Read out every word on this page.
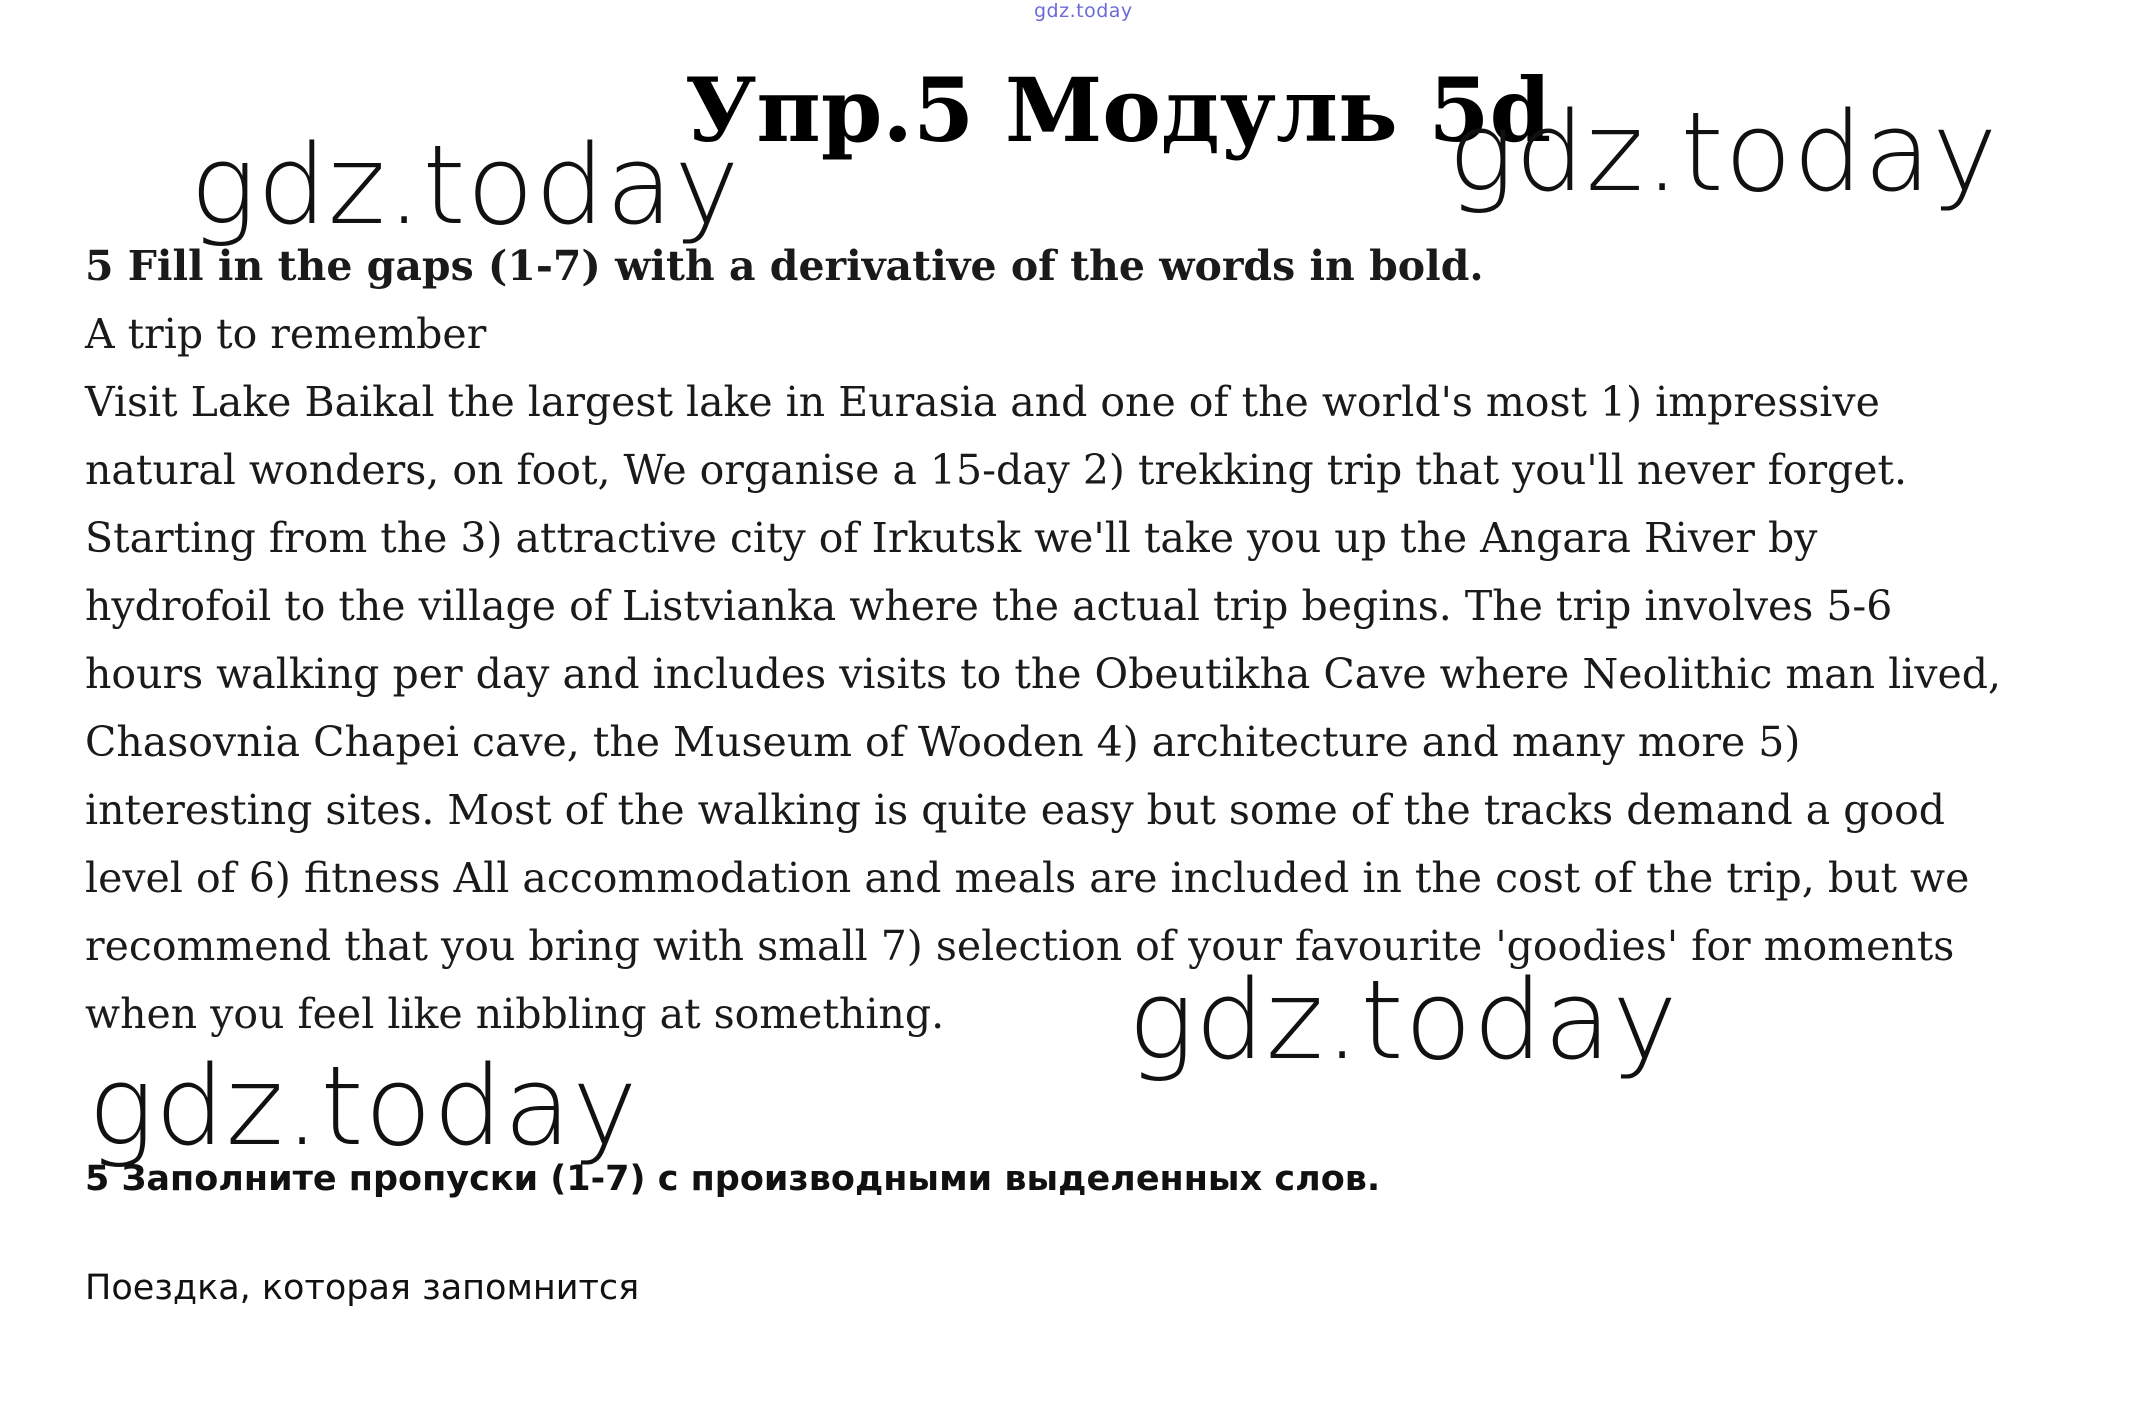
gdz.today
Упр.5 Модуль 5d
gdz.today	gdz.today
5 Fill in the gaps (1-7) with a derivative of the words in bold.
A trip to remember
Visit Lake Baikal the largest lake in Eurasia and one of the world's most 1) impressive
natural wonders, on foot, We organise a 15-day 2) trekking trip that you'll never forget.
Starting from the 3) attractive city of Irkutsk we'll take you up the Angara River by
hydrofoil to the village of Listvianka where the actual trip begins. The trip involves 5-6
hours walking per day and includes visits to the Obeutikha Cave where Neolithic man lived,
Chasovnia Chapei cave, the Museum of Wooden 4) architecture and many more 5)
interesting sites. Most of the walking is quite easy but some of the tracks demand a good
level of 6) fitness All accommodation and meals are included in the cost of the trip, but we
recommend that you bring with small 7) selection of your favourite 'goodies' for moments
when you feel like nibbling at something.	gdz.today
gdz.today
5 Заполните пропуски (1-7) с производными выделенных слов.
Поездка, которая запомнится
